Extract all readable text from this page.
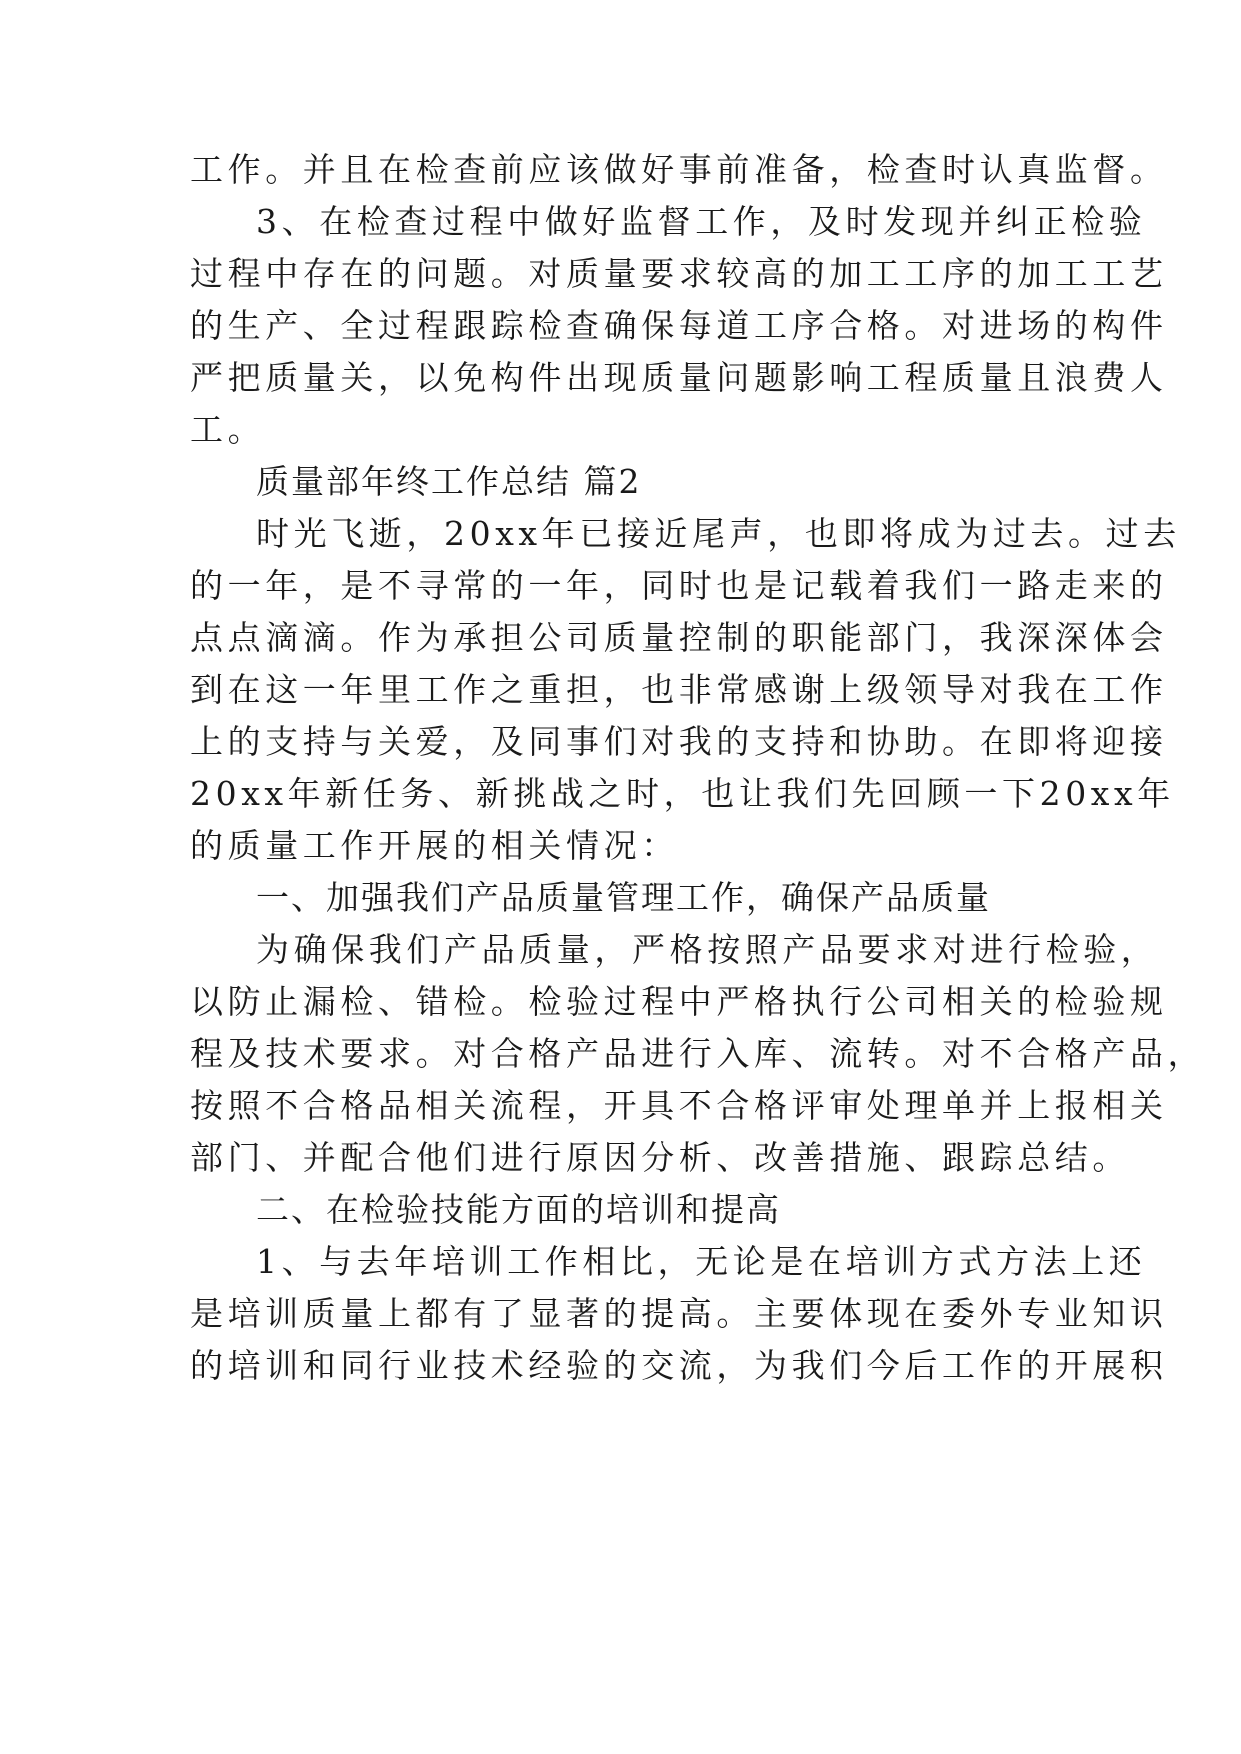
工作。并且在检查前应该做好事前准备，检查时认真监督。
3、在检查过程中做好监督工作，及时发现并纠正检验
过程中存在的问题。对质量要求较高的加工工序的加工工艺
的生产、全过程跟踪检查确保每道工序合格。对进场的构件
严把质量关，以免构件出现质量问题影响工程质量且浪费人
工。
质量部年终工作总结 篇2
时光飞逝，20xx年已接近尾声，也即将成为过去。过去
的一年，是不寻常的一年，同时也是记载着我们一路走来的
点点滴滴。作为承担公司质量控制的职能部门，我深深体会
到在这一年里工作之重担，也非常感谢上级领导对我在工作
上的支持与关爱，及同事们对我的支持和协助。在即将迎接
20xx年新任务、新挑战之时，也让我们先回顾一下20xx年
的质量工作开展的相关情况：
一、加强我们产品质量管理工作，确保产品质量
为确保我们产品质量，严格按照产品要求对进行检验，
以防止漏检、错检。检验过程中严格执行公司相关的检验规
程及技术要求。对合格产品进行入库、流转。对不合格产品，
按照不合格品相关流程，开具不合格评审处理单并上报相关
部门、并配合他们进行原因分析、改善措施、跟踪总结。
二、在检验技能方面的培训和提高
1、与去年培训工作相比，无论是在培训方式方法上还
是培训质量上都有了显著的提高。主要体现在委外专业知识
的培训和同行业技术经验的交流，为我们今后工作的开展积
